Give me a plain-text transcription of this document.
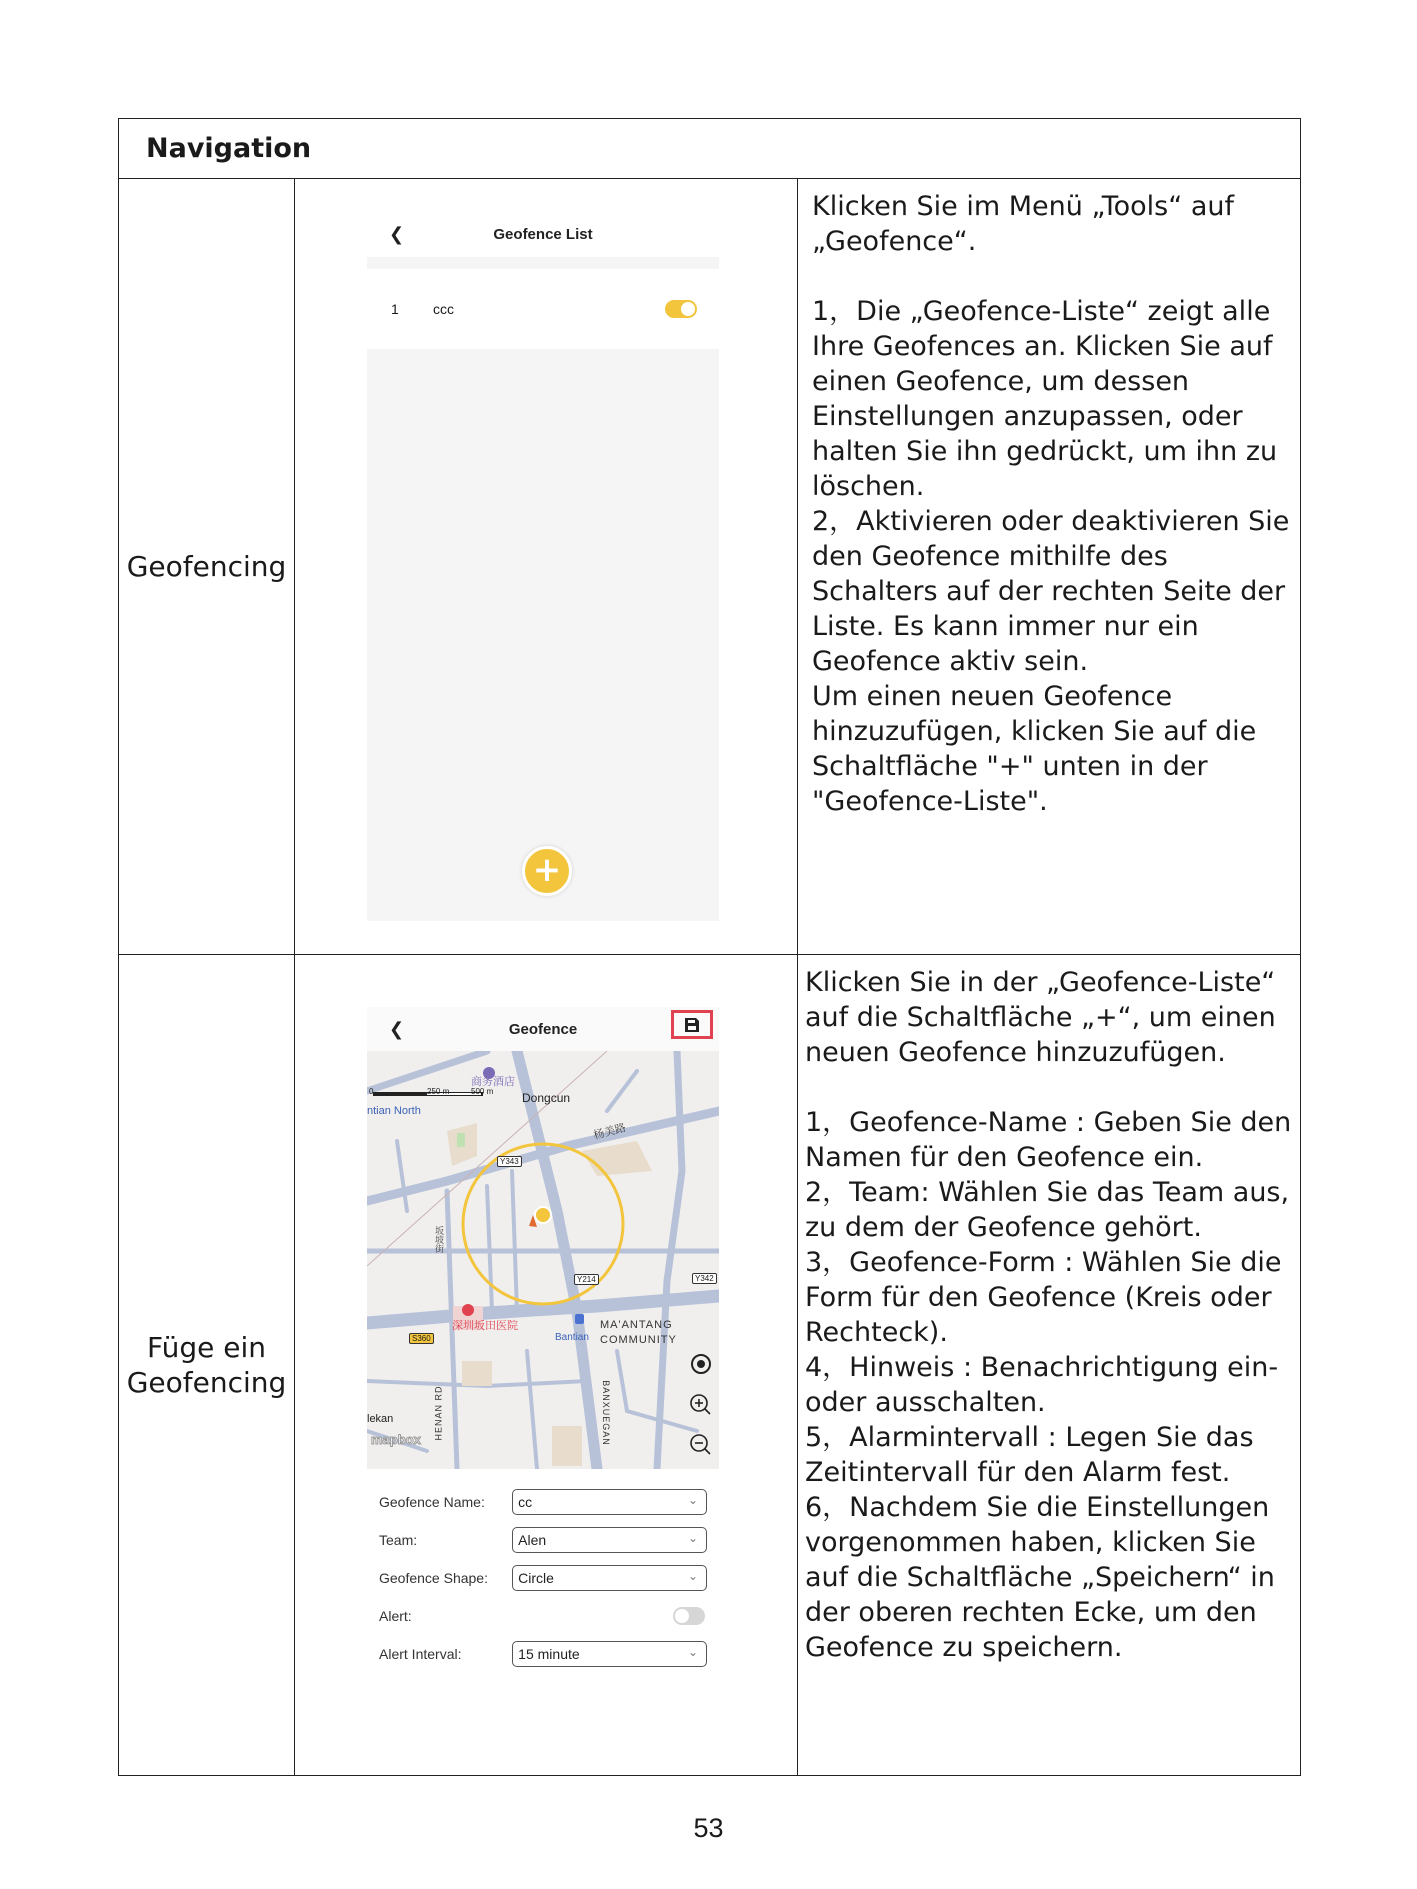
Navigation
Geofencing
❮	Geofence List
1	ccc
+

Klicken Sie im Menü „Tools“ auf „Geofence“.

1，Die „Geofence-Liste“ zeigt alle Ihre Geofences an. Klicken Sie auf einen Geofence, um dessen Einstellungen anzupassen, oder halten Sie ihn gedrückt, um ihn zu löschen.

2，Aktivieren oder deaktivieren Sie den Geofence mithilfe des Schalters auf der rechten Seite der Liste. Es kann immer nur ein Geofence aktiv sein.

Um einen neuen Geofence hinzuzufügen, klicken Sie auf die Schaltfläche "+" unten in der "Geofence-Liste".

Füge ein Geofencing
❮	Geofence
0	250 m	500 m
商务酒店
Dongcun
ntian North
杨美路
Y343
Y214	Y342
S360
深圳坂田医院
Bantian
MA'ANTANG
COMMUNITY
HENAN RD	BANXUEGAN
lekan
坂坡街
mapbox
Geofence Name:	cc	⌄
Team:	Alen	⌄
Geofence Shape:	Circle	⌄
Alert:
Alert Interval:	15 minute	⌄

Klicken Sie in der „Geofence-Liste“ auf die Schaltfläche „+“, um einen neuen Geofence hinzuzufügen.

1，Geofence-Name : Geben Sie den Namen für den Geofence ein.

2，Team: Wählen Sie das Team aus, zu dem der Geofence gehört.

3，Geofence-Form : Wählen Sie die Form für den Geofence (Kreis oder Rechteck).

4，Hinweis : Benachrichtigung ein- oder ausschalten.

5，Alarmintervall : Legen Sie das Zeitintervall für den Alarm fest.

6，Nachdem Sie die Einstellungen vorgenommen haben, klicken Sie auf die Schaltfläche „Speichern“ in der oberen rechten Ecke, um den Geofence zu speichern.

53
